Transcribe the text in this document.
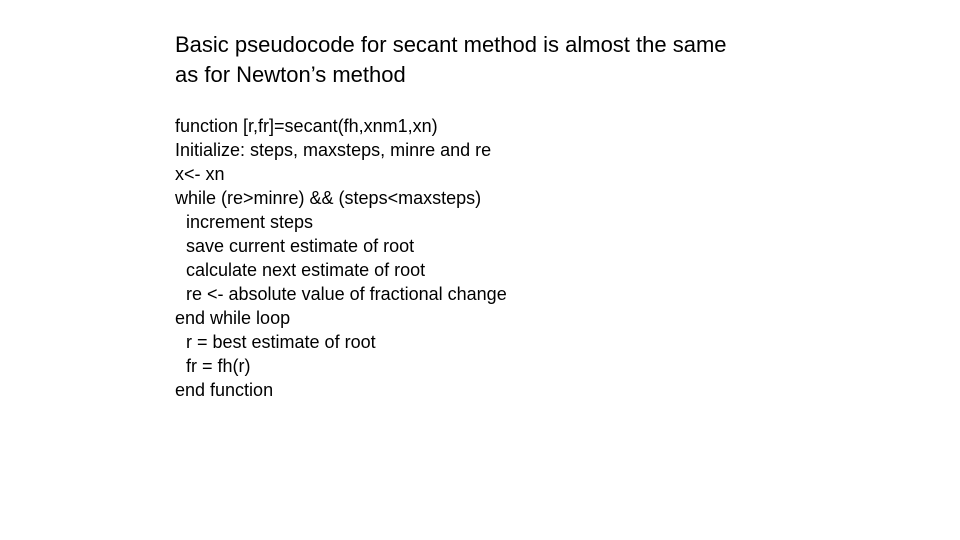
Basic pseudocode for secant method is almost the same
as for Newton’s method
function [r,fr]=secant(fh,xnm1,xn)
Initialize: steps, maxsteps, minre and re
x<- xn
while (re>minre) && (steps<maxsteps)
increment steps
save current estimate of root
calculate next estimate of root
re <- absolute value of fractional change
end while loop
r = best estimate of root
fr = fh(r)
end function
